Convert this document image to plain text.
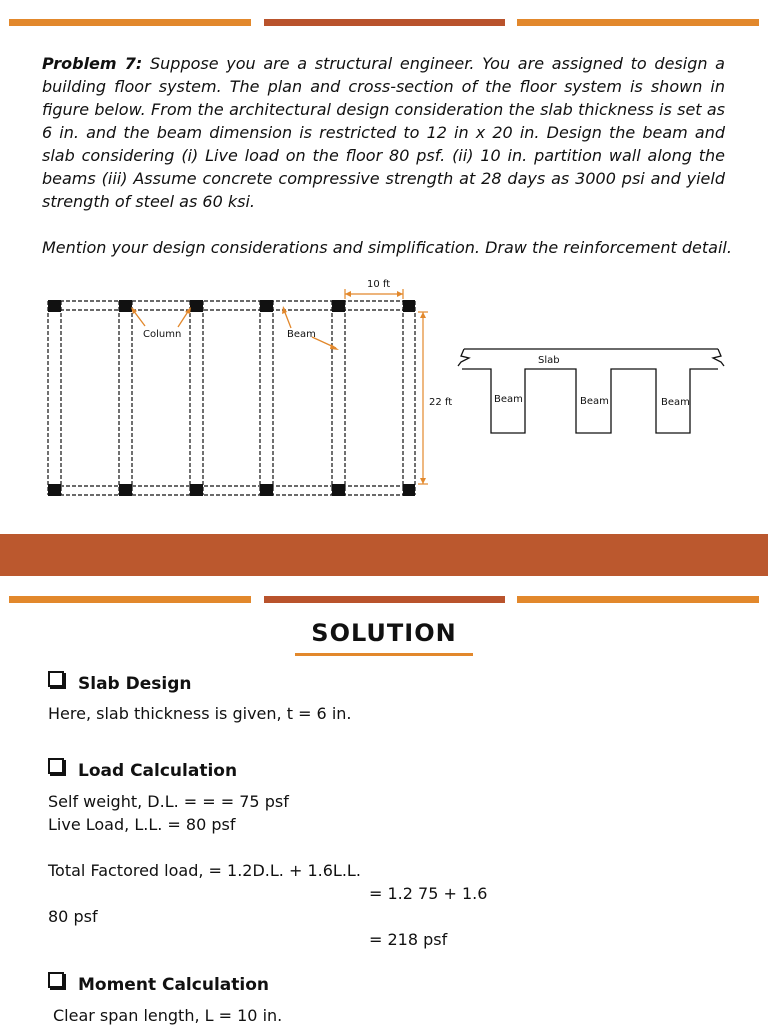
Problem 7: Suppose you are a structural engineer. You are assigned to design a building floor system. The plan and cross-section of the floor system is shown in figure below. From the architectural design consideration the slab thickness is set as 6 in. and the beam dimension is restricted to 12 in x 20 in. Design the beam and slab considering (i) Live load on the floor 80 psf. (ii) 10 in. partition wall along the beams (iii) Assume concrete compressive strength at 28 days as 3000 psi and yield strength of steel as 60 ksi.

Mention your design considerations and simplification. Draw the reinforcement detail.

10 ft
22 ft
Column	Beam
Slab
Beam	Beam	Beam
SOLUTION

Slab Design

Here, slab thickness is given, t = 6 in.

Load Calculation

Self weight, D.L. = = = 75 psf

Live Load, L.L. = 80 psf

Total Factored load, = 1.2D.L. + 1.6L.L.

= 1.2 75 + 1.6

80 psf

= 218 psf

Moment Calculation

Clear span length, L = 10 in.
